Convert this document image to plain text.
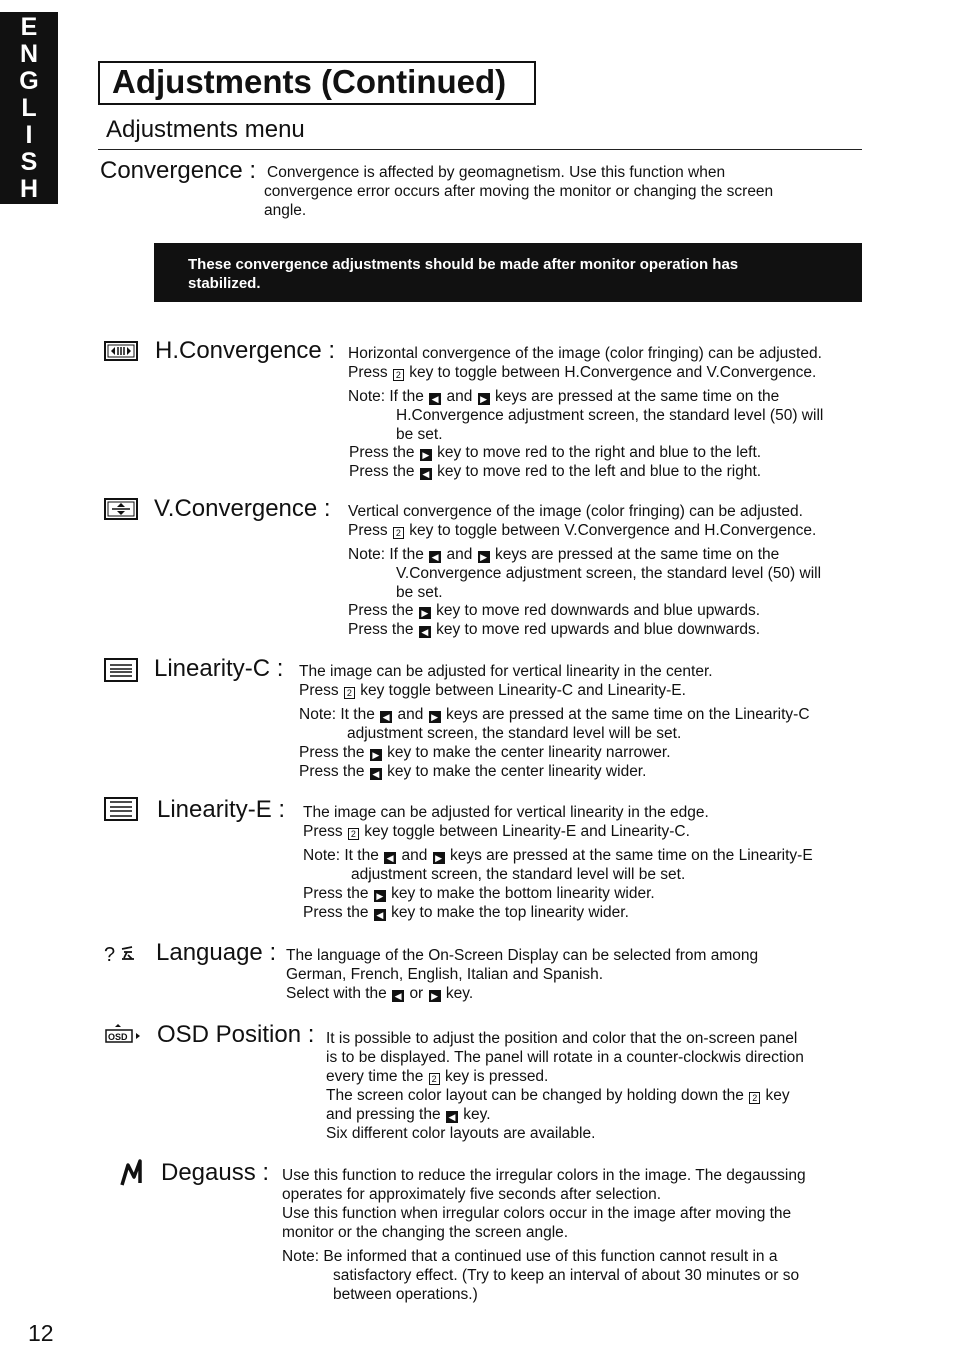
E
N
G
L
I
S
H
Adjustments (Continued)
Adjustments menu
Convergence : Convergence is affected by geomagnetism. Use this function when
convergence error occurs after moving the monitor or changing the screen
angle.
These convergence adjustments should be made after monitor operation has
stabilized.
H.Convergence : Horizontal convergence of the image (color fringing) can be adjusted.
Press 2 key to toggle between H.Convergence and V.Convergence.
Note: If the ◀ and ▶ keys are pressed at the same time on the
H.Convergence adjustment screen, the standard level (50) will
be set.
Press the ▶ key to move red to the right and blue to the left.
Press the ◀ key to move red to the left and blue to the right.
V.Convergence : Vertical convergence of the image (color fringing) can be adjusted.
Press 2 key to toggle between V.Convergence and H.Convergence.
Note: If the ◀ and ▶ keys are pressed at the same time on the
V.Convergence adjustment screen, the standard level (50) will
be set.
Press the ▶ key to move red downwards and blue upwards.
Press the ◀ key to move red upwards and blue downwards.
Linearity-C : The image can be adjusted for vertical linearity in the center.
Press 2 key toggle between Linearity-C and Linearity-E.
Note: It the ◀ and ▶ keys are pressed at the same time on the Linearity-C
adjustment screen, the standard level will be set.
Press the ▶ key to make the center linearity narrower.
Press the ◀ key to make the center linearity wider.
Linearity-E : The image can be adjusted for vertical linearity in the edge.
Press 2 key toggle between Linearity-E and Linearity-C.
Note: It the ◀ and ▶ keys are pressed at the same time on the Linearity-E
adjustment screen, the standard level will be set.
Press the ▶ key to make the bottom linearity wider.
Press the ◀ key to make the top linearity wider.
? Language : The language of the On-Screen Display can be selected from among
German, French, English, Italian and Spanish.
Select with the ◀ or ▶ key.
OSD OSD Position : It is possible to adjust the position and color that the on-screen panel
is to be displayed. The panel will rotate in a counter-clockwis direction
every time the 2 key is pressed.
The screen color layout can be changed by holding down the 2 key
and pressing the ◀ key.
Six different color layouts are available.
Degauss : Use this function to reduce the irregular colors in the image. The degaussing
operates for approximately five seconds after selection.
Use this function when irregular colors occur in the image after moving the
monitor or the changing the screen angle.
Note: Be informed that a continued use of this function cannot result in a
satisfactory effect. (Try to keep an interval of about 30 minutes or so
between operations.)
12
